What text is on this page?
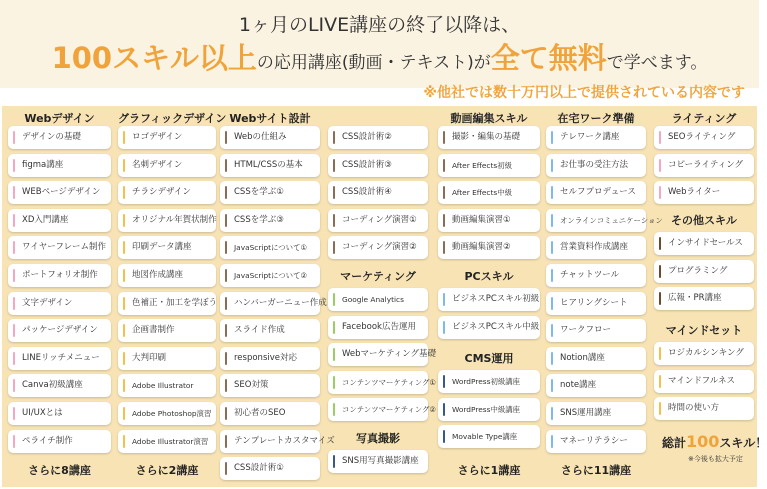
1ヶ月のLIVE講座の終了以降は、
100スキル以上の応用講座(動画・テキスト)が全て無料で学べます。
※他社では数十万円以上で提供されている内容です
Webデザイン
デザインの基礎
figma講座
WEBページデザイン
XD入門講座
ワイヤーフレーム制作
ポートフォリオ制作
文字デザイン
パッケージデザイン
LINEリッチメニュー
Canva初級講座
UI/UXとは
ペライチ制作
さらに8講座
グラフィックデザイン
ロゴデザイン
名刺デザイン
チラシデザイン
オリジナル年賀状制作
印刷データ講座
地図作成講座
色補正・加工を学ぼう
企画書制作
大判印刷
Adobe Illustrator
Adobe Photoshop演習
Adobe Illustrator演習
さらに2講座
Webサイト設計
Webの仕組み
HTML/CSSの基本
CSSを学ぶ①
CSSを学ぶ③
JavaScriptについて①
JavaScriptについて②
ハンバーガーニュー作成
スライド作成
responsive対応
SEO対策
初心者のSEO
テンプレートカスタマイズ
CSS設計術①
CSS設計術②
CSS設計術③
CSS設計術④
コーディング演習①
コーディング演習②
マーケティング
Google Analytics
Facebook広告運用
Webマーケティング基礎
コンテンツマーケティング①
コンテンツマーケティング②
写真撮影
SNS用写真撮影講座
動画編集スキル
撮影・編集の基礎
After Effects初級
After Effects中級
動画編集演習①
動画編集演習②
PCスキル
ビジネスPCスキル初級
ビジネスPCスキル中級
CMS運用
WordPress初級講座
WordPress中級講座
Movable Type講座
さらに1講座
在宅ワーク準備
テレワーク講座
お仕事の受注方法
セルフプロデュース
オンラインコミュニケーション
営業資料作成講座
チャットツール
ヒアリングシート
ワークフロー
Notion講座
note講座
SNS運用講座
マネーリテラシー
さらに11講座
ライティング
SEOライティング
コピーライティング
Webライター
その他スキル
インサイドセールス
プログラミング
広報・PR講座
マインドセット
ロジカルシンキング
マインドフルネス
時間の使い方
総計100スキル！
※今後も拡大予定
